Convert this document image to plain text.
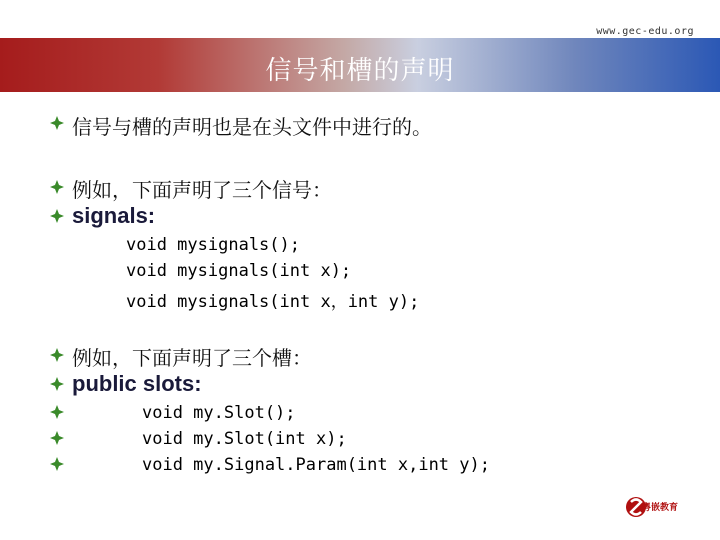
www.gec-edu.org
信号和槽的声明
信号与槽的声明也是在头文件中进行的。
例如，下面声明了三个信号：
signals:
void mysignals();
void mysignals(int x);
void mysignals(int x，int y);
例如，下面声明了三个槽：
public slots:
void my.Slot();
void my.Slot(int x);
void my.Signal.Param(int x,int y);
粤嵌教育
